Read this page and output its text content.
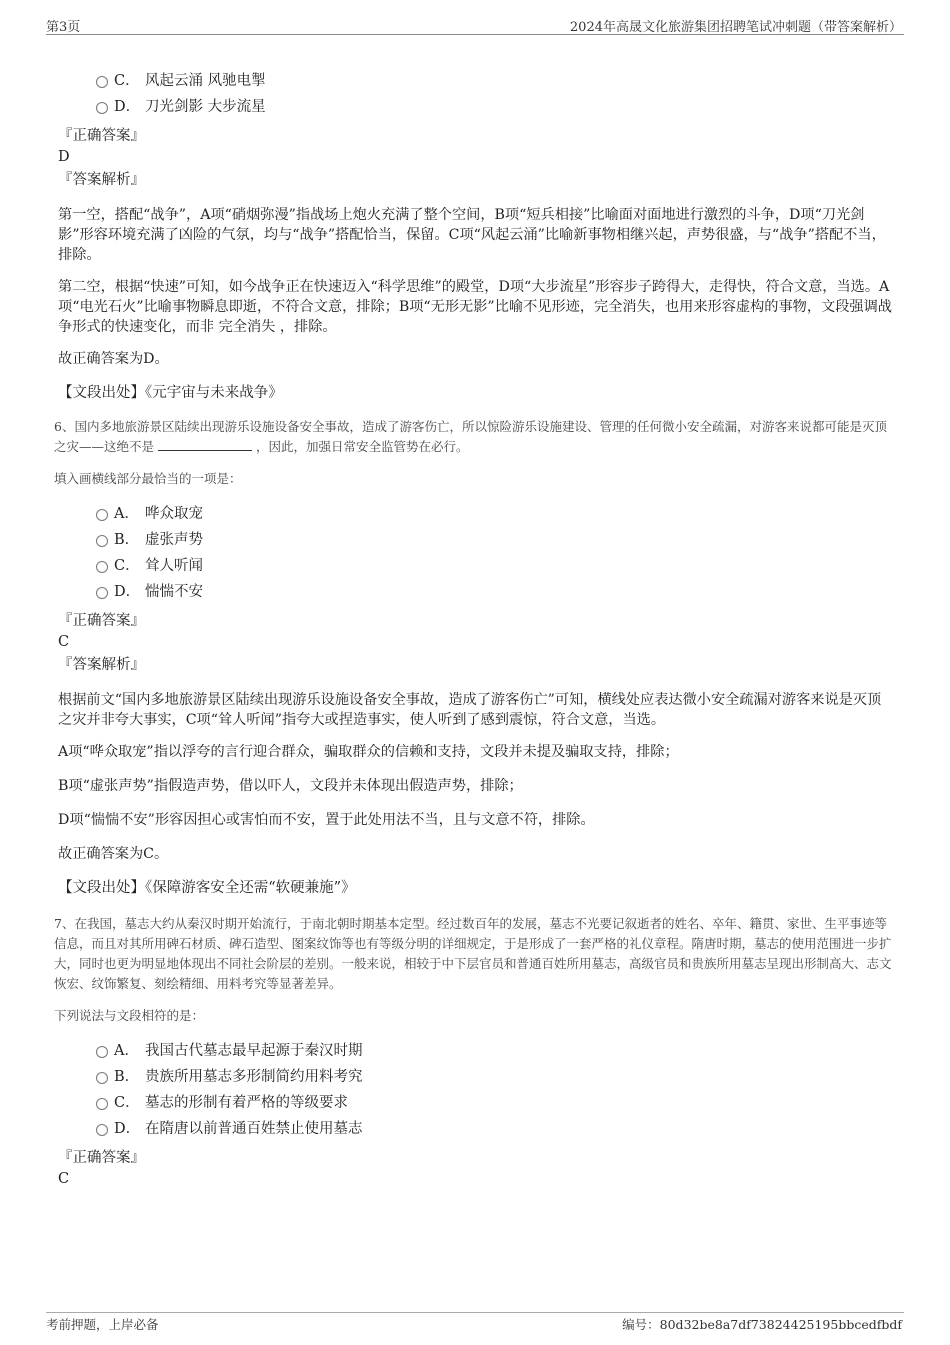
第3页	2024年高晟文化旅游集团招聘笔试冲刺题（带答案解析）
C． 风起云涌 风驰电掣
D． 刀光剑影 大步流星
『正确答案』
D
『答案解析』
第一空，搭配“战争”，A项“硝烟弥漫”指战场上炮火充满了整个空间，B项“短兵相接”比喻面对面地进行激烈的斗争，D项“刀光剑影”形容环境充满了凶险的气氛，均与“战争”搭配恰当，保留。C项“风起云涌”比喻新事物相继兴起，声势很盛，与“战争”搭配不当，排除。
第二空，根据“快速”可知，如今战争正在快速迈入“科学思维”的殿堂，D项“大步流星”形容步子跨得大，走得快，符合文意，当选。A项“电光石火”比喻事物瞬息即逝，不符合文意，排除；B项“无形无影”比喻不见形迹，完全消失，也用来形容虚构的事物，文段强调战争形式的快速变化，而非 完全消失 ，排除。
故正确答案为D。
【文段出处】《元宇宙与未来战争》
6、国内多地旅游景区陆续出现游乐设施设备安全事故，造成了游客伤亡，所以惊险游乐设施建设、管理的任何微小安全疏漏，对游客来说都可能是灭顶之灾——这绝不是	，因此，加强日常安全监管势在必行。
填入画横线部分最恰当的一项是：
A． 哗众取宠
B． 虚张声势
C． 耸人听闻
D． 惴惴不安
『正确答案』
C
『答案解析』
根据前文“国内多地旅游景区陆续出现游乐设施设备安全事故，造成了游客伤亡”可知，横线处应表达微小安全疏漏对游客来说是灭顶之灾并非夸大事实，C项“耸人听闻”指夸大或捏造事实，使人听到了感到震惊，符合文意，当选。
A项“哗众取宠”指以浮夸的言行迎合群众，骗取群众的信赖和支持，文段并未提及骗取支持，排除；
B项“虚张声势”指假造声势，借以吓人，文段并未体现出假造声势，排除；
D项“惴惴不安”形容因担心或害怕而不安，置于此处用法不当，且与文意不符，排除。
故正确答案为C。
【文段出处】《保障游客安全还需“软硬兼施”》
7、在我国，墓志大约从秦汉时期开始流行，于南北朝时期基本定型。经过数百年的发展，墓志不光要记叙逝者的姓名、卒年、籍贯、家世、生平事迹等信息，而且对其所用碑石材质、碑石造型、图案纹饰等也有等级分明的详细规定，于是形成了一套严格的礼仪章程。隋唐时期，墓志的使用范围进一步扩大，同时也更为明显地体现出不同社会阶层的差别。一般来说，相较于中下层官员和普通百姓所用墓志，高级官员和贵族所用墓志呈现出形制高大、志文恢宏、纹饰繁复、刻绘精细、用料考究等显著差异。
下列说法与文段相符的是：
A． 我国古代墓志最早起源于秦汉时期
B． 贵族所用墓志多形制简约用料考究
C． 墓志的形制有着严格的等级要求
D． 在隋唐以前普通百姓禁止使用墓志
『正确答案』
C
考前押题，上岸必备	编号：80d32be8a7df73824425195bbcedfbdf
